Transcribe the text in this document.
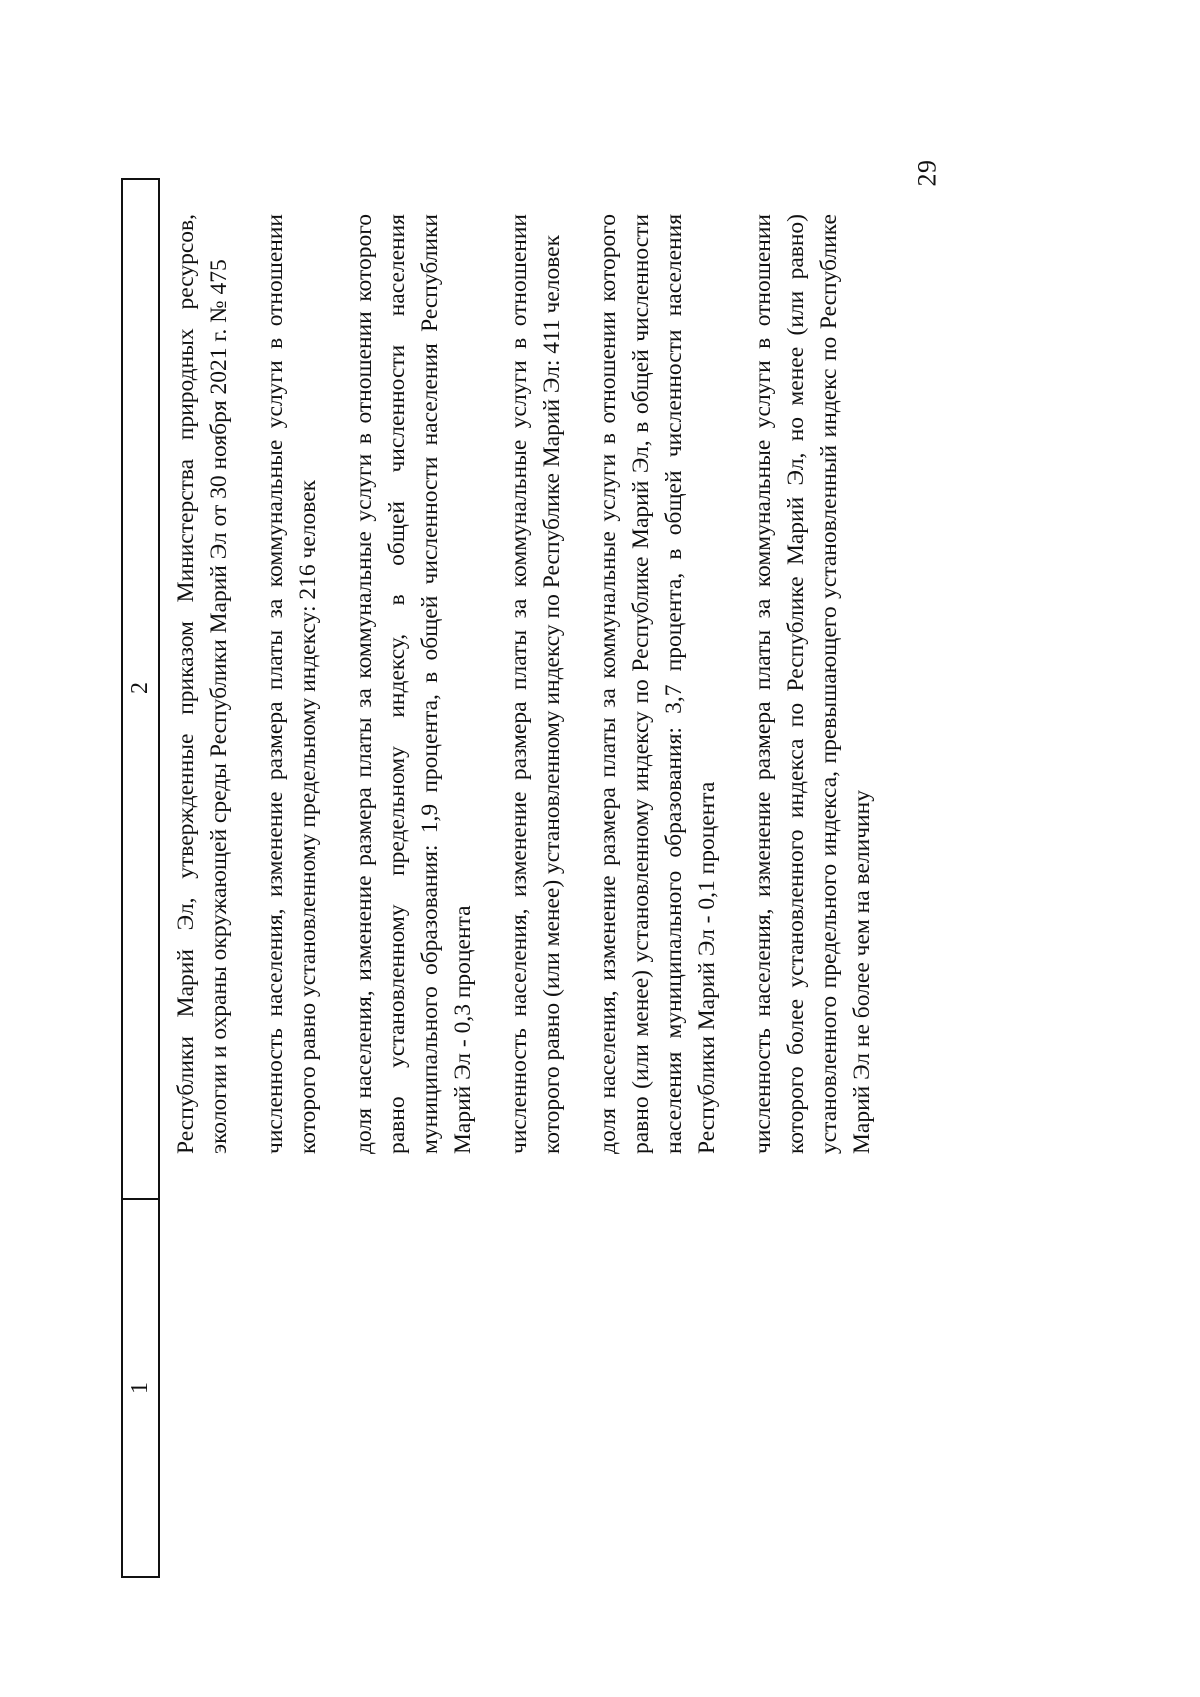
29
1
2 Республики Марий Эл, утвержденные приказом Министерства природных ресурсов, экологии и охраны окружающей среды Республики Марий Эл от 30 ноября 2021 г. № 475 численность населения, изменение размера платы за коммунальные услуги в отношении которого равно установленному предельному индексу: 216 человек доля населения, изменение размера платы за коммунальные услуги в отношении которого равно установленному предельному индексу, в общей численности населения муниципального образования: 1,9 процента, в общей численности населения Республики Марий Эл - 0,3 процента численность населения, изменение размера платы за коммунальные услуги в отношении которого равно (или менее) установленному индексу по Республике Марий Эл: 411 человек доля населения, изменение размера платы за коммунальные услуги в отношении которого равно (или менее) установленному индексу по Республике Марий Эл, в общей численности населения муниципального образования: 3,7 процента, в общей численности населения Республики Марий Эл - 0,1 процента численность населения, изменение размера платы за коммунальные услуги в отношении которого более установленного индекса по Республике Марий Эл, но менее (или равно) установленного предельного индекса, превышающего установленный индекс по Республике Марий Эл не более чем на величину
